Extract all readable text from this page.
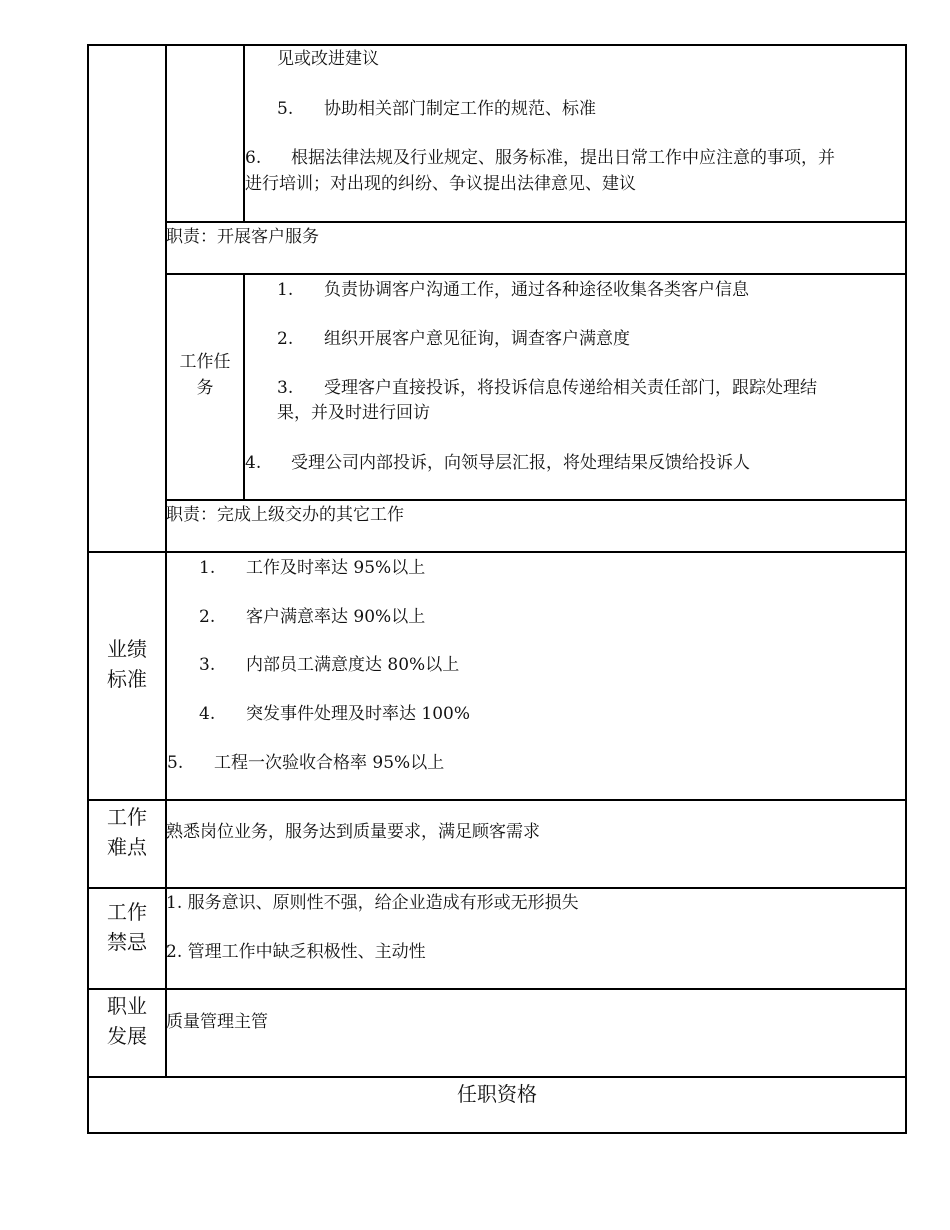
见或改进建议
5. 协助相关部门制定工作的规范、标准
6. 根据法律法规及行业规定、服务标准，提出日常工作中应注意的事项，并
进行培训；对出现的纠纷、争议提出法律意见、建议
职责：开展客户服务
工作任
务
1. 负责协调客户沟通工作，通过各种途径收集各类客户信息
2. 组织开展客户意见征询，调查客户满意度
3. 受理客户直接投诉，将投诉信息传递给相关责任部门，跟踪处理结
果，并及时进行回访
4. 受理公司内部投诉，向领导层汇报，将处理结果反馈给投诉人
职责：完成上级交办的其它工作
业绩
标准
1. 工作及时率达 95%以上
2. 客户满意率达 90%以上
3. 内部员工满意度达 80%以上
4. 突发事件处理及时率达 100%
5. 工程一次验收合格率 95%以上
工作
难点
熟悉岗位业务，服务达到质量要求，满足顾客需求
工作
禁忌
1. 服务意识、原则性不强，给企业造成有形或无形损失
2. 管理工作中缺乏积极性、主动性
职业
发展
质量管理主管
任职资格
